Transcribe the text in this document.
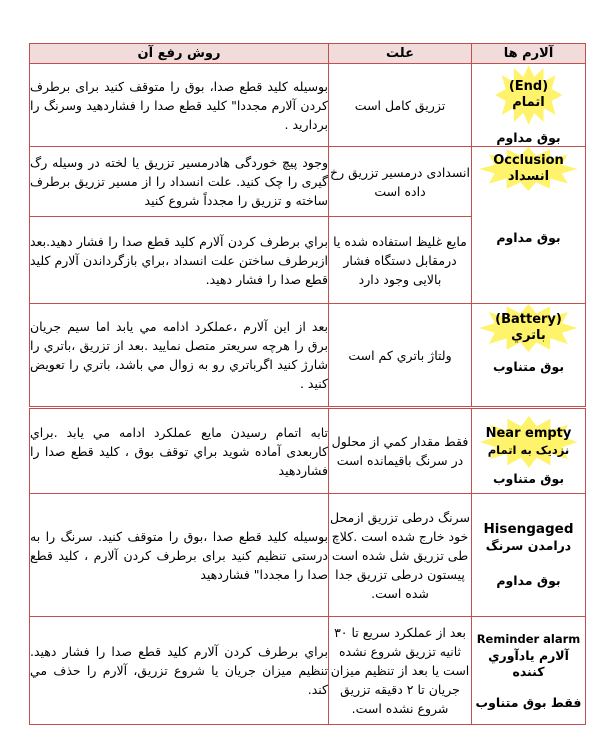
آلارم ها	علت	روش رفع آن

(End)
اتمام
بوق مداوم	تزریق کامل است	بوسیله کلید قطع صدا، بوق را متوقف کنید برای برطرف کردن آلارم مجددا" کلید قطع صدا را فشاردهید وسرنگ را بردارید .

Occlusion
انسداد
بوق مداوم	انسدادی درمسیر تزریق رخ داده است	وجود پیچ خوردگی هادرمسیر تزریق یا لخته در وسیله رگ گیری را چک کنید. علت انسداد را از مسیر تزریق برطرف ساخته و تزریق را مجدداً شروع کنید
	مایع غلیظ استفاده شده یا درمقابل دستگاه فشار بالایی وجود دارد	براي برطرف كردن آلارم كليد قطع صدا را فشار دهيد.بعد ازبرطرف ساختن علت انسداد ،براي بازگرداندن آلارم كليد قطع صدا را فشار دهيد.

(Battery)
باتري
بوق متناوب	ولتاژ باتري كم است	بعد از اين آلارم ،عملكرد ادامه مي يابد اما سيم جريان برق را هرچه سريعتر متصل نماييد .بعد از تزريق ،باتري را شارژ كنيد اگرباتري رو به زوال مي باشد، باتري را تعويض كنيد .

Near empty
نزدیک به اتمام
بوق متناوب	فقط مقدار كمي از محلول در سرنگ باقيمانده است	تابه اتمام رسيدن مايع عملكرد ادامه مي يابد .براي كاربعدی آماده شويد براي توقف بوق ، كليد قطع صدا را فشاردهيد

Hisengaged
درامدن سرنگ
بوق مداوم	سرنگ درطی تزریق ازمحل خود خارج شده است .كلاچ طی تزريق شل شده است پيستون درطی تزريق جدا شده است.	بوسيله كليد قطع صدا ،بوق را متوقف كنيد. سرنگ را به درستی تنظيم كنيد برای برطرف كردن آلارم ، كليد قطع صدا را مجددا" فشاردهيد

Reminder alarm
آلارم يادآوري كننده
فقط بوق متناوب	بعد از عملكرد سريع تا ٣٠ ثانيه تزريق شروع نشده است يا بعد از تنظيم ميزان جريان تا ٢ دقيقه تزريق شروع نشده است.	براي برطرف كردن آلارم كليد قطع صدا را فشار دهيد. تنظيم ميزان جريان يا شروع تزريق، آلارم را حذف مي كند.
